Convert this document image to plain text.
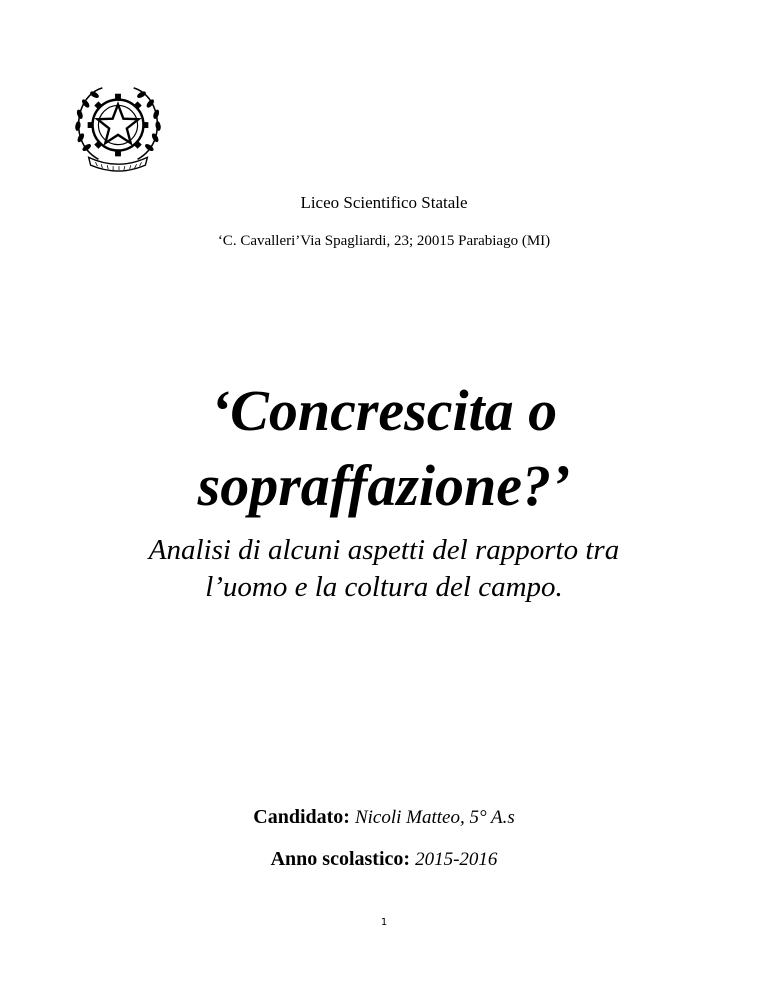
Liceo Scientifico Statale
‘C. Cavalleri’Via Spagliardi, 23; 20015 Parabiago (MI)
‘Concrescita o
sopraffazione?’
Analisi di alcuni aspetti del rapporto tra
l’uomo e la coltura del campo.
Candidato: Nicoli Matteo, 5° A.s
Anno scolastico: 2015-2016
1
